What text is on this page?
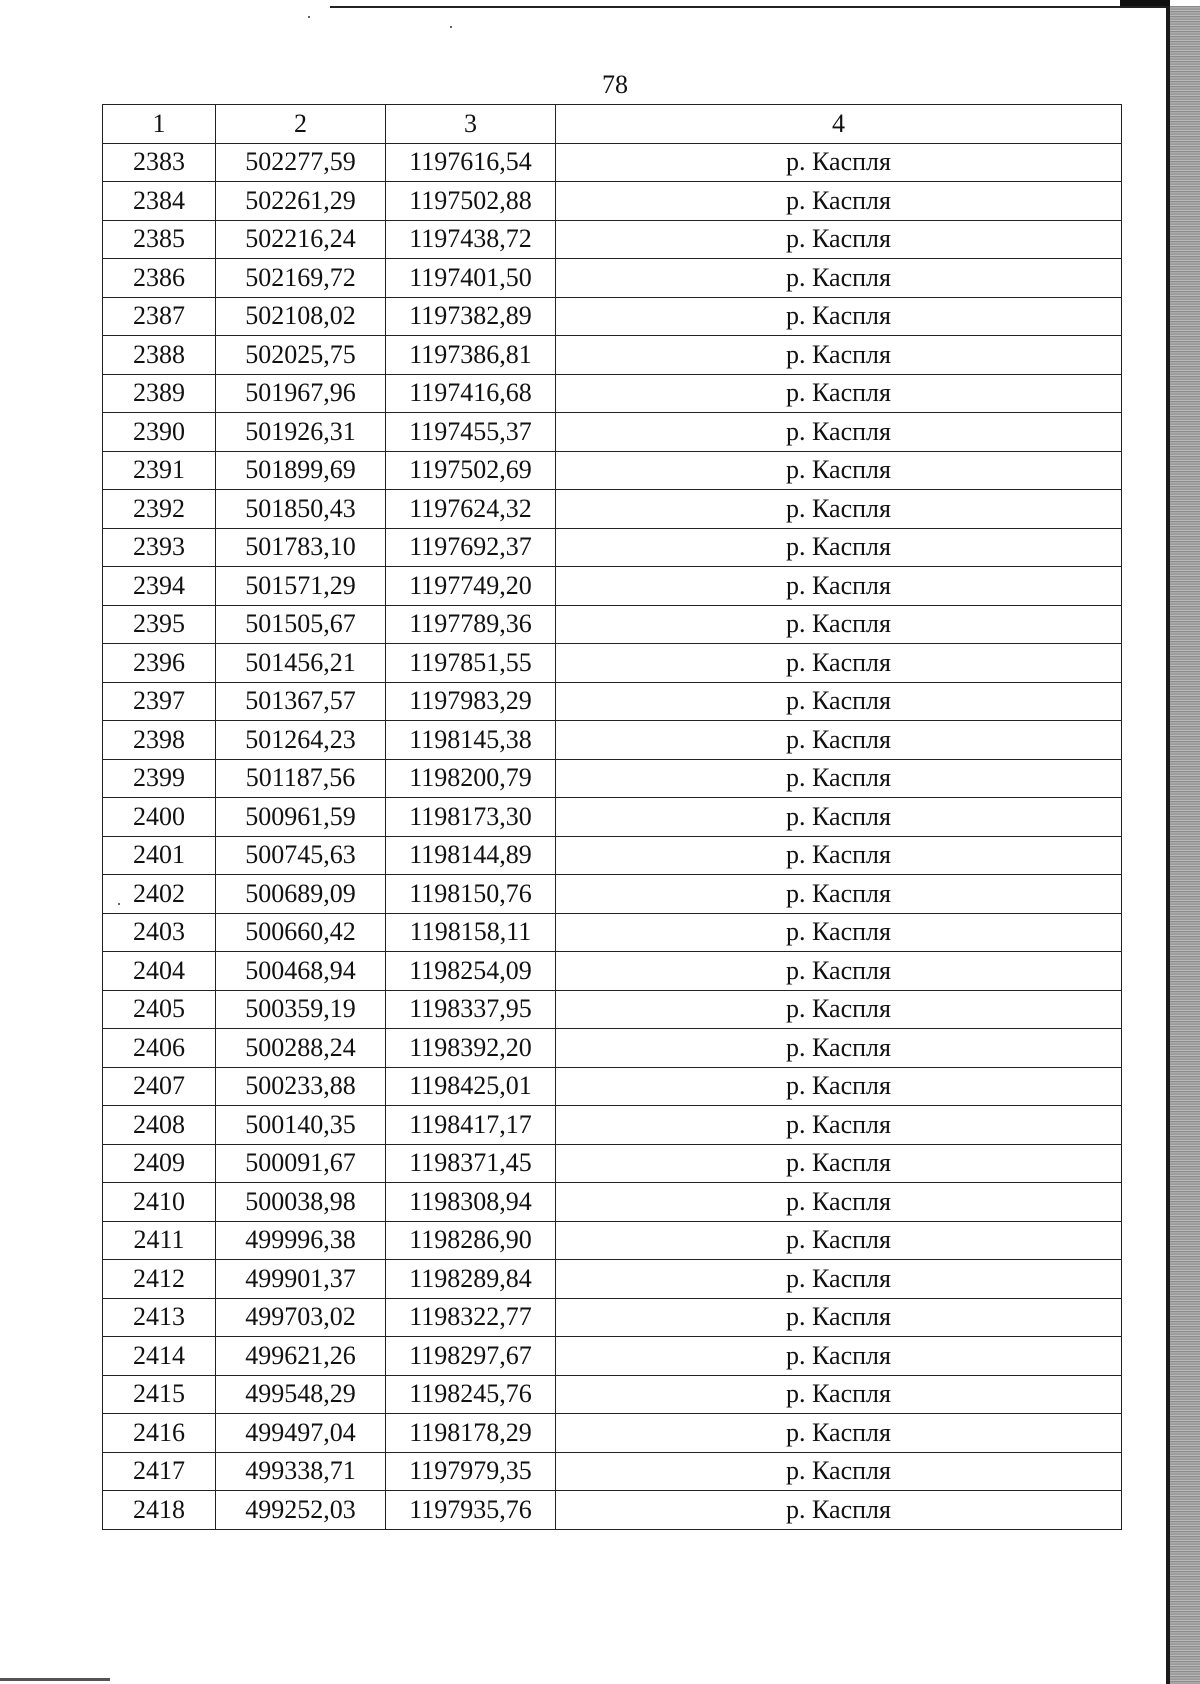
78
1	2	3	4
2383	502277,59	1197616,54	р. Каспля
2384	502261,29	1197502,88	р. Каспля
2385	502216,24	1197438,72	р. Каспля
2386	502169,72	1197401,50	р. Каспля
2387	502108,02	1197382,89	р. Каспля
2388	502025,75	1197386,81	р. Каспля
2389	501967,96	1197416,68	р. Каспля
2390	501926,31	1197455,37	р. Каспля
2391	501899,69	1197502,69	р. Каспля
2392	501850,43	1197624,32	р. Каспля
2393	501783,10	1197692,37	р. Каспля
2394	501571,29	1197749,20	р. Каспля
2395	501505,67	1197789,36	р. Каспля
2396	501456,21	1197851,55	р. Каспля
2397	501367,57	1197983,29	р. Каспля
2398	501264,23	1198145,38	р. Каспля
2399	501187,56	1198200,79	р. Каспля
2400	500961,59	1198173,30	р. Каспля
2401	500745,63	1198144,89	р. Каспля
2402	500689,09	1198150,76	р. Каспля
2403	500660,42	1198158,11	р. Каспля
2404	500468,94	1198254,09	р. Каспля
2405	500359,19	1198337,95	р. Каспля
2406	500288,24	1198392,20	р. Каспля
2407	500233,88	1198425,01	р. Каспля
2408	500140,35	1198417,17	р. Каспля
2409	500091,67	1198371,45	р. Каспля
2410	500038,98	1198308,94	р. Каспля
2411	499996,38	1198286,90	р. Каспля
2412	499901,37	1198289,84	р. Каспля
2413	499703,02	1198322,77	р. Каспля
2414	499621,26	1198297,67	р. Каспля
2415	499548,29	1198245,76	р. Каспля
2416	499497,04	1198178,29	р. Каспля
2417	499338,71	1197979,35	р. Каспля
2418	499252,03	1197935,76	р. Каспля
